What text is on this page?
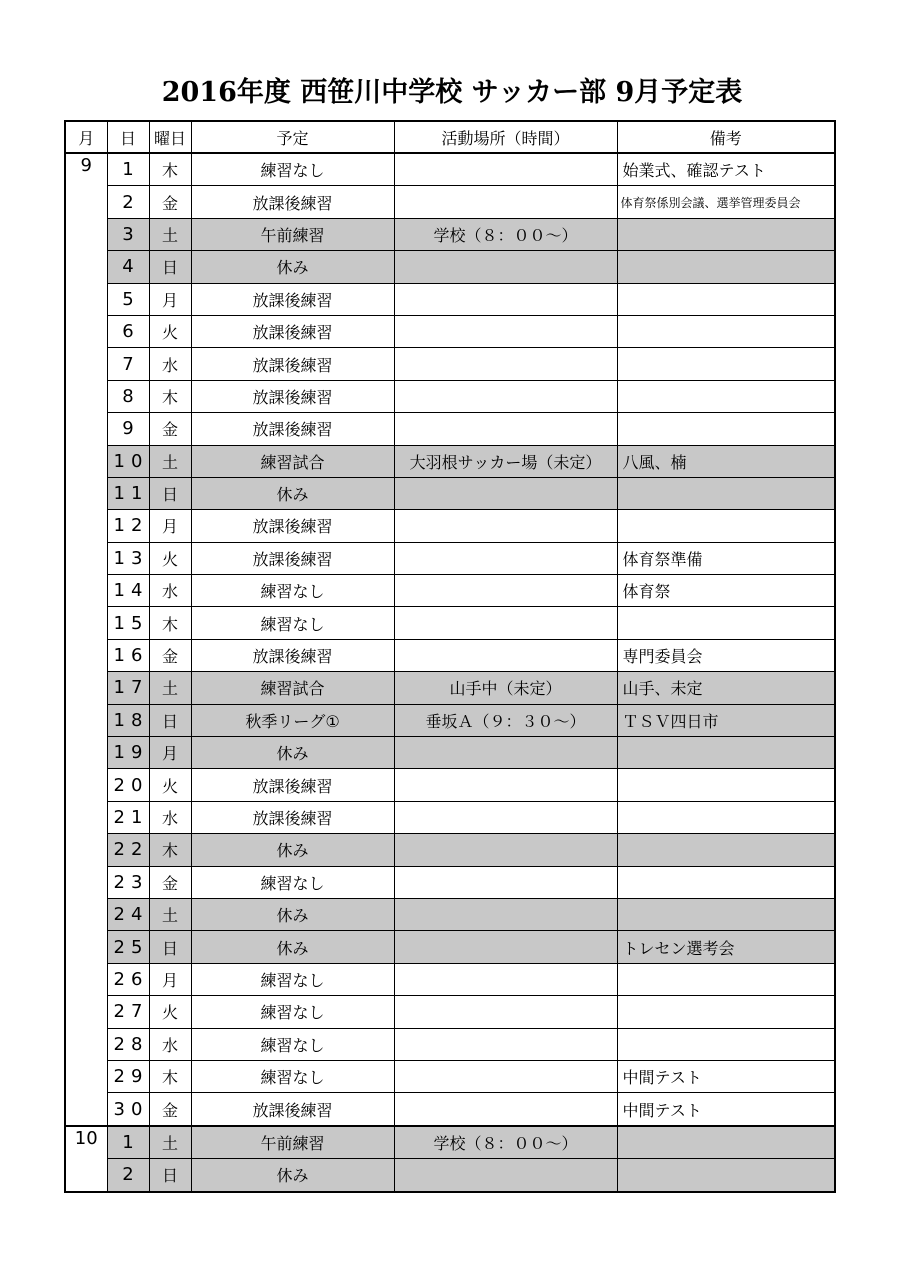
2016年度 西笹川中学校 サッカー部 9月予定表
月	日	曜日	予定	活動場所（時間）	備考
9	1	木	練習なし		始業式、確認テスト
	2	金	放課後練習		体育祭係別会議、選挙管理委員会
	3	土	午前練習	学校（８：００～）	
	4	日	休み		
	5	月	放課後練習		
	6	火	放課後練習		
	7	水	放課後練習		
	8	木	放課後練習		
	9	金	放課後練習		
	10	土	練習試合	大羽根サッカー場（未定）	八風、楠
	11	日	休み		
	12	月	放課後練習		
	13	火	放課後練習		体育祭準備
	14	水	練習なし		体育祭
	15	木	練習なし		
	16	金	放課後練習		専門委員会
	17	土	練習試合	山手中（未定）	山手、未定
	18	日	秋季リーグ①	垂坂Ａ（９：３０～）	ＴＳＶ四日市
	19	月	休み		
	20	火	放課後練習		
	21	水	放課後練習		
	22	木	休み		
	23	金	練習なし		
	24	土	休み		
	25	日	休み		トレセン選考会
	26	月	練習なし		
	27	火	練習なし		
	28	水	練習なし		
	29	木	練習なし		中間テスト
	30	金	放課後練習		中間テスト
10	1	土	午前練習	学校（８：００～）	
	2	日	休み		
